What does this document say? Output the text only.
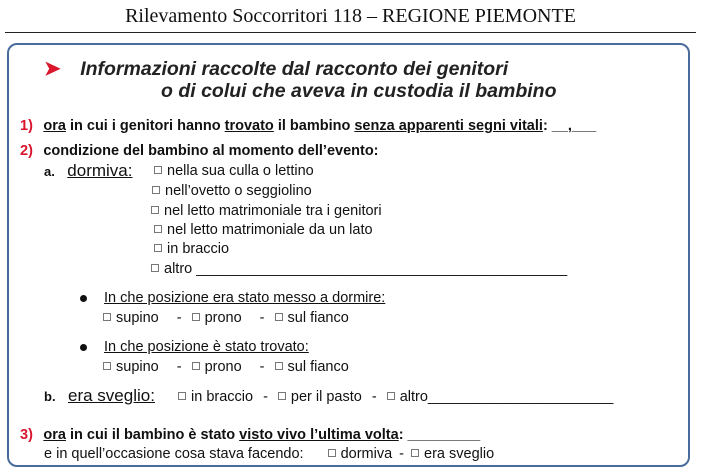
Rilevamento Soccorritori 118 – REGIONE PIEMONTE
➤ Informazioni raccolte dal racconto dei genitori
o di colui che aveva in custodia il bambino
1) ora in cui i genitori hanno trovato il bambino senza apparenti segni vitali: __,___
2) condizione del bambino al momento dell’evento:
a. dormiva:	nella sua culla o lettino
nell’ovetto o seggiolino
nel letto matrimoniale tra i genitori
nel letto matrimoniale da un lato
in braccio
altro ______________________________________________
In che posizione era stato messo a dormire:
supino - prono - sul fianco
In che posizione è stato trovato:
supino - prono - sul fianco
b. era sveglio:	in braccio - per il pasto - altro_______________________
3) ora in cui il bambino è stato visto vivo l’ultima volta: _________
e in quell’occasione cosa stava facendo:	dormiva - era sveglio
